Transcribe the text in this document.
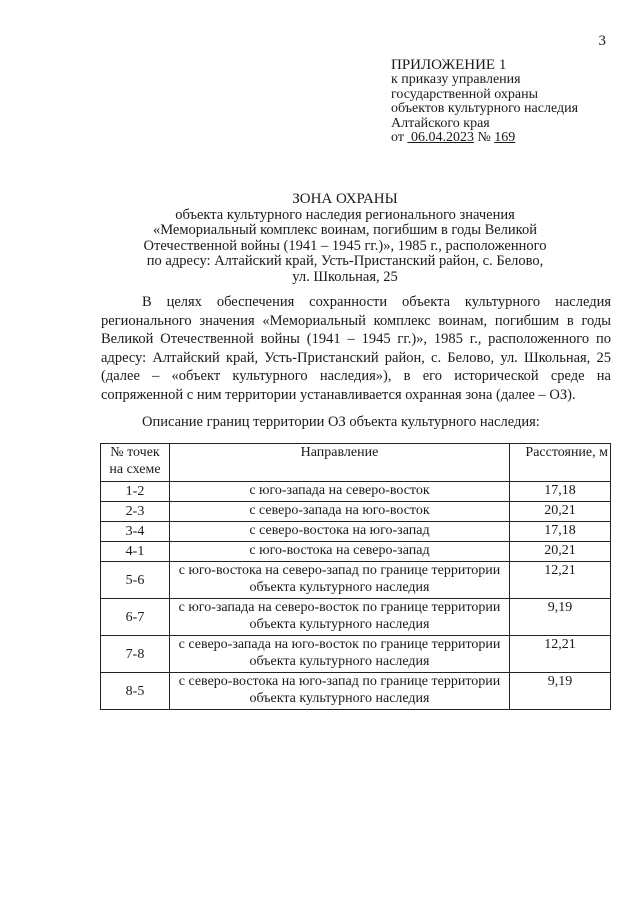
3
ПРИЛОЖЕНИЕ 1
к приказу управления
государственной охраны
объектов культурного наследия
Алтайского края
от 06.04.2023 № 169
ЗОНА ОХРАНЫ
объекта культурного наследия регионального значения
«Мемориальный комплекс воинам, погибшим в годы Великой
Отечественной войны (1941 – 1945 гг.)», 1985 г., расположенного
по адресу: Алтайский край, Усть-Пристанский район, с. Белово,
ул. Школьная, 25

В целях обеспечения сохранности объекта культурного наследия регионального значения «Мемориальный комплекс воинам, погибшим в годы Великой Отечественной войны (1941 – 1945 гг.)», 1985 г., расположенного по адресу: Алтайский край, Усть-Пристанский район, с. Белово, ул. Школьная, 25 (далее – «объект культурного наследия»), в его исторической среде на сопряженной с ним территории устанавливается охранная зона (далее – ОЗ).

Описание границ территории ОЗ объекта культурного наследия:
№ точек на схеме	Направление	Расстояние, м
1-2	с юго-запада на северо-восток	17,18
2-3	с северо-запада на юго-восток	20,21
3-4	с северо-востока на юго-запад	17,18
4-1	с юго-востока на северо-запад	20,21
5-6	с юго-востока на северо-запад по границе территории объекта культурного наследия	12,21
6-7	с юго-запада на северо-восток по границе территории объекта культурного наследия	9,19
7-8	с северо-запада на юго-восток по границе территории объекта культурного наследия	12,21
8-5	с северо-востока на юго-запад по границе территории объекта культурного наследия	9,19
